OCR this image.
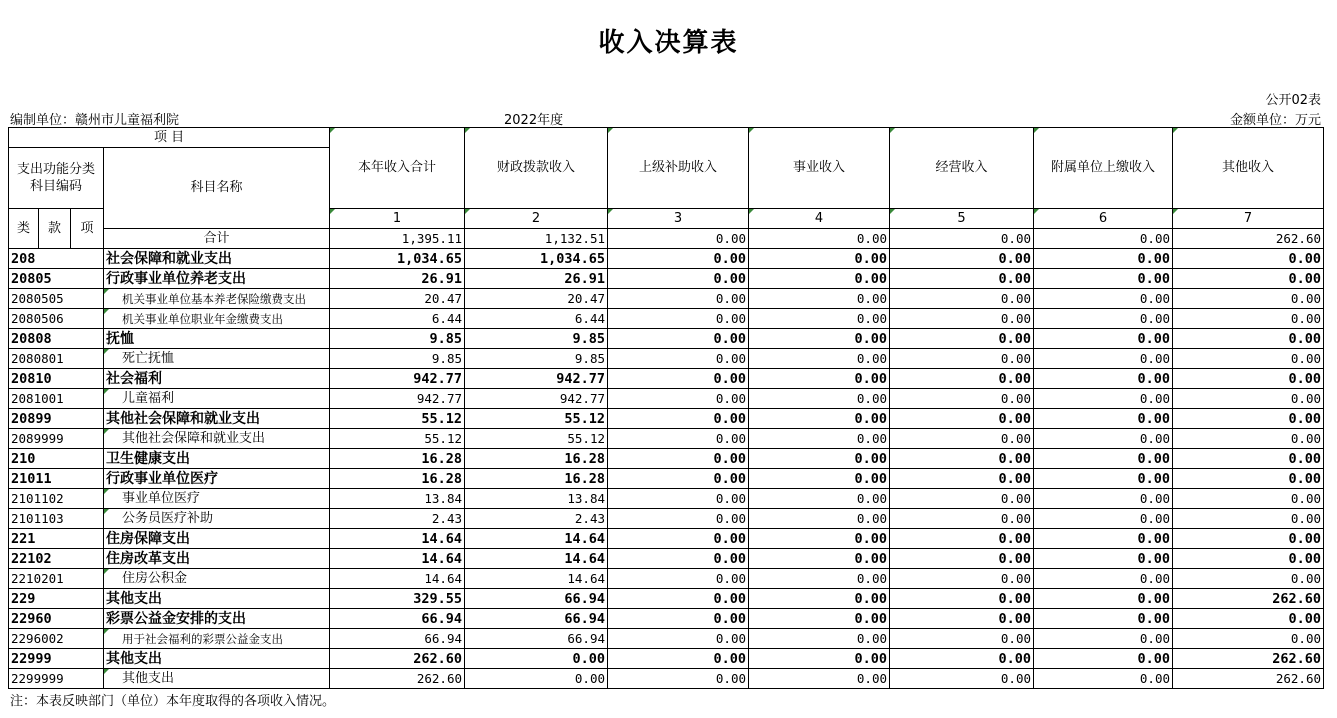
收入决算表
公开02表
编制单位：赣州市儿童福利院	2022年度	金额单位：万元
项 目				本年收入合计	财政拨款收入	上级补助收入	事业收入	经营收入	附属单位上缴收入	其他收入
支出功能分类科目编码			科目名称							

类	款	项		1	2	3	4	5	6	7
			合计	1,395.11	1,132.51	0.00	0.00	0.00	0.00	262.60
208			社会保障和就业支出	1,034.65	1,034.65	0.00	0.00	0.00	0.00	0.00
20805			行政事业单位养老支出	26.91	26.91	0.00	0.00	0.00	0.00	0.00
2080505			机关事业单位基本养老保险缴费支出	20.47	20.47	0.00	0.00	0.00	0.00	0.00
2080506			机关事业单位职业年金缴费支出	6.44	6.44	0.00	0.00	0.00	0.00	0.00
20808			抚恤	9.85	9.85	0.00	0.00	0.00	0.00	0.00
2080801			死亡抚恤	9.85	9.85	0.00	0.00	0.00	0.00	0.00
20810			社会福利	942.77	942.77	0.00	0.00	0.00	0.00	0.00
2081001			儿童福利	942.77	942.77	0.00	0.00	0.00	0.00	0.00
20899			其他社会保障和就业支出	55.12	55.12	0.00	0.00	0.00	0.00	0.00
2089999			其他社会保障和就业支出	55.12	55.12	0.00	0.00	0.00	0.00	0.00
210			卫生健康支出	16.28	16.28	0.00	0.00	0.00	0.00	0.00
21011			行政事业单位医疗	16.28	16.28	0.00	0.00	0.00	0.00	0.00
2101102			事业单位医疗	13.84	13.84	0.00	0.00	0.00	0.00	0.00
2101103			公务员医疗补助	2.43	2.43	0.00	0.00	0.00	0.00	0.00
221			住房保障支出	14.64	14.64	0.00	0.00	0.00	0.00	0.00
22102			住房改革支出	14.64	14.64	0.00	0.00	0.00	0.00	0.00
2210201			住房公积金	14.64	14.64	0.00	0.00	0.00	0.00	0.00
229			其他支出	329.55	66.94	0.00	0.00	0.00	0.00	262.60
22960			彩票公益金安排的支出	66.94	66.94	0.00	0.00	0.00	0.00	0.00
2296002			用于社会福利的彩票公益金支出	66.94	66.94	0.00	0.00	0.00	0.00	0.00
22999			其他支出	262.60	0.00	0.00	0.00	0.00	0.00	262.60
2299999			其他支出	262.60	0.00	0.00	0.00	0.00	0.00	262.60
注：本表反映部门（单位）本年度取得的各项收入情况。
